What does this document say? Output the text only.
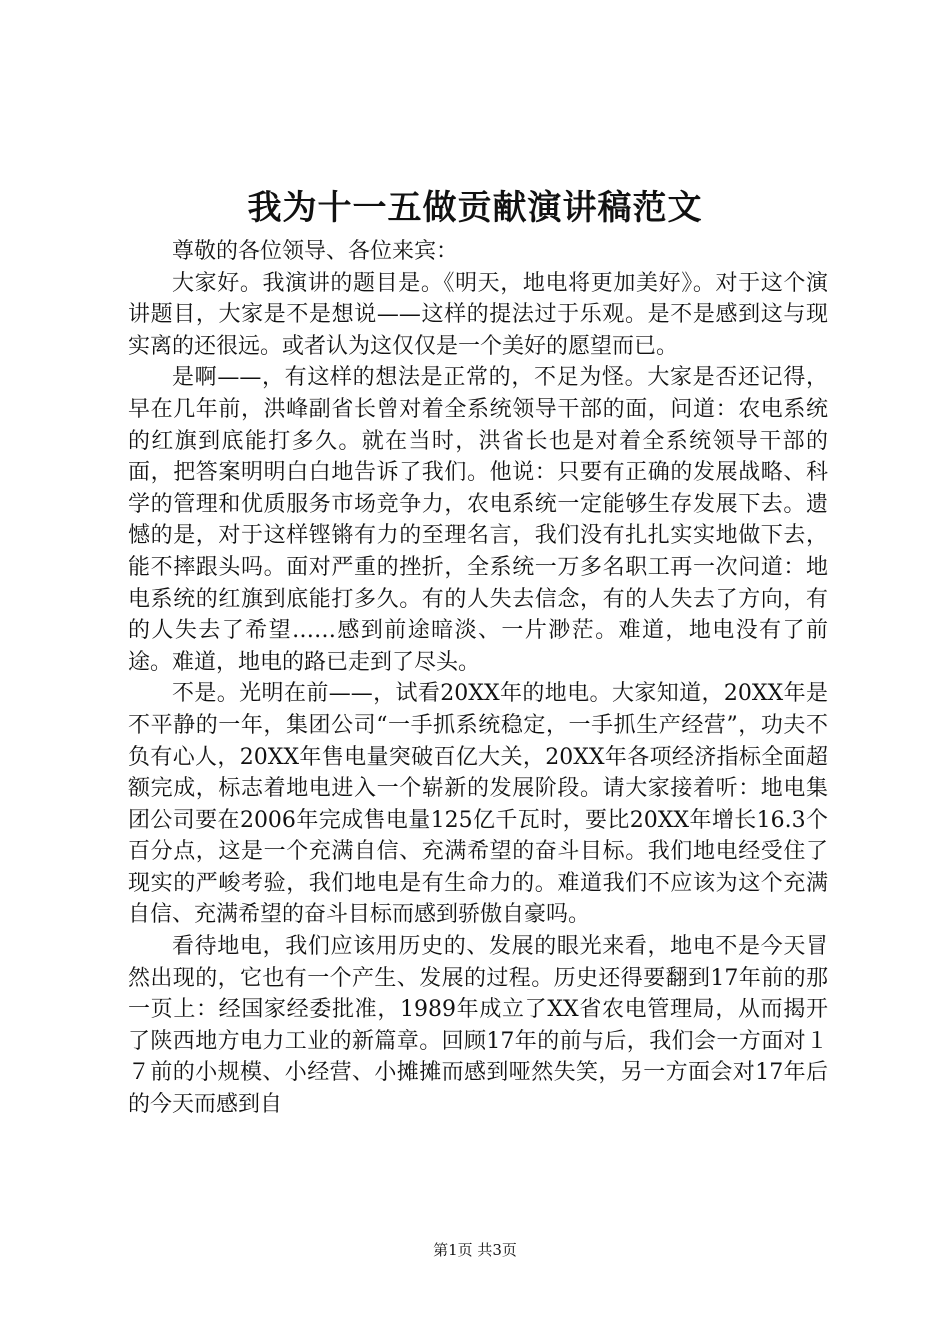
我为十一五做贡献演讲稿范文

尊敬的各位领导、各位来宾：

大家好。我演讲的题目是。《明天，地电将更加美好》。对于这个演讲题目，大家是不是想说——这样的提法过于乐观。是不是感到这与现实离的还很远。或者认为这仅仅是一个美好的愿望而已。

是啊——，有这样的想法是正常的，不足为怪。大家是否还记得，早在几年前，洪峰副省长曾对着全系统领导干部的面，问道：农电系统的红旗到底能打多久。就在当时，洪省长也是对着全系统领导干部的面，把答案明明白白地告诉了我们。他说：只要有正确的发展战略、科学的管理和优质服务市场竞争力，农电系统一定能够生存发展下去。遗憾的是，对于这样铿锵有力的至理名言，我们没有扎扎实实地做下去，能不摔跟头吗。面对严重的挫折，全系统一万多名职工再一次问道：地电系统的红旗到底能打多久。有的人失去信念，有的人失去了方向，有的人失去了希望……感到前途暗淡、一片渺茫。难道，地电没有了前途。难道，地电的路已走到了尽头。

不是。光明在前——，试看20XX年的地电。大家知道，20XX年是不平静的一年，集团公司“一手抓系统稳定，一手抓生产经营”，功夫不负有心人，20XX年售电量突破百亿大关，20XX年各项经济指标全面超额完成，标志着地电进入一个崭新的发展阶段。请大家接着听：地电集团公司要在2006年完成售电量125亿千瓦时，要比20XX年增长16.3个百分点，这是一个充满自信、充满希望的奋斗目标。我们地电经受住了现实的严峻考验，我们地电是有生命力的。难道我们不应该为这个充满自信、充满希望的奋斗目标而感到骄傲自豪吗。

看待地电，我们应该用历史的、发展的眼光来看，地电不是今天冒然出现的，它也有一个产生、发展的过程。历史还得要翻到17年前的那一页上：经国家经委批准，1989年成立了XX省农电管理局，从而揭开了陕西地方电力工业的新篇章。回顾17年的前与后，我们会一方面对１７前的小规模、小经营、小摊摊而感到哑然失笑，另一方面会对17年后的今天而感到自

第1页 共3页
